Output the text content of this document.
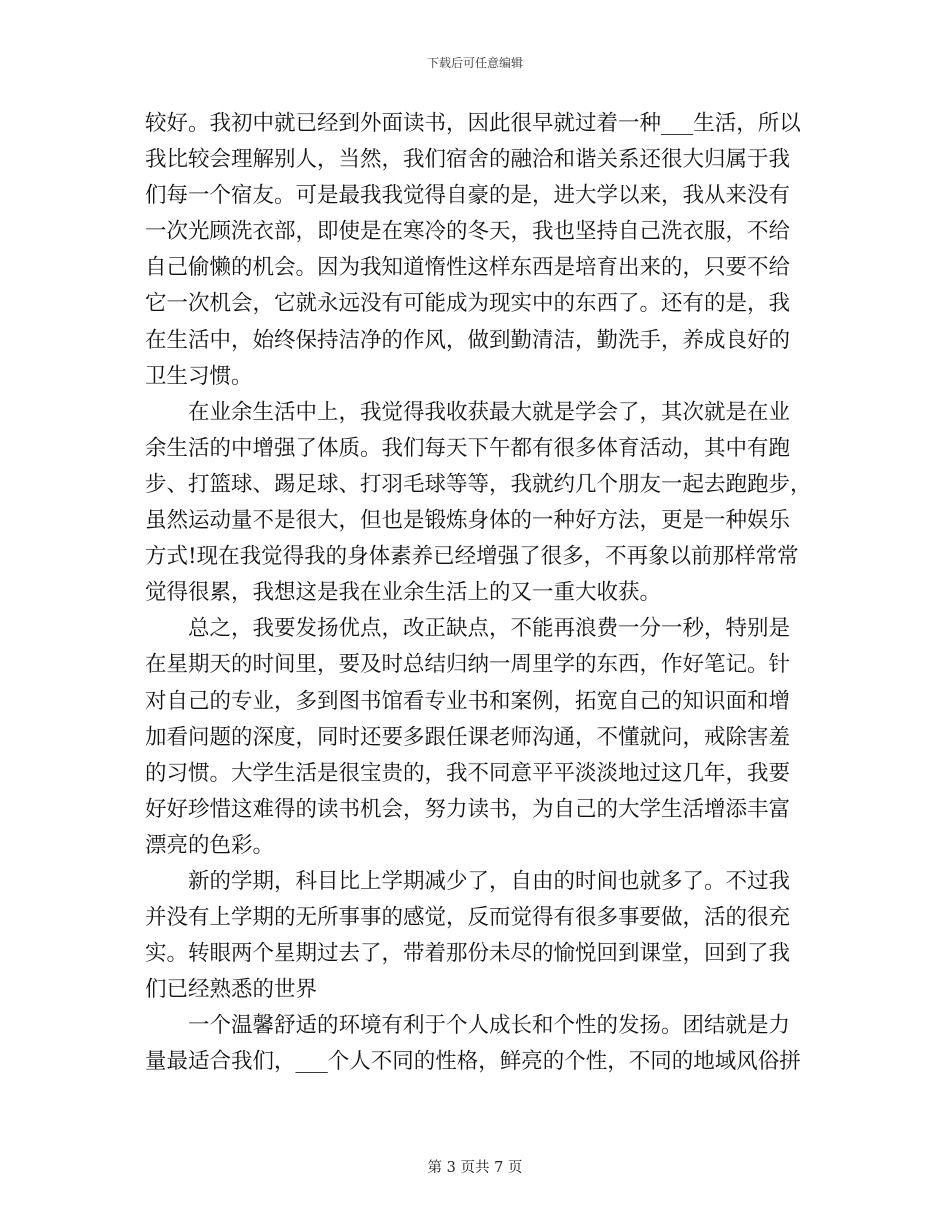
下载后可任意编辑
较好。我初中就已经到外面读书，因此很早就过着一种___生活，所以
我比较会理解别人，当然，我们宿舍的融洽和谐关系还很大归属于我
们每一个宿友。可是最我我觉得自豪的是，进大学以来，我从来没有
一次光顾洗衣部，即使是在寒冷的冬天，我也坚持自己洗衣服，不给
自己偷懒的机会。因为我知道惰性这样东西是培育出来的，只要不给
它一次机会，它就永远没有可能成为现实中的东西了。还有的是，我
在生活中，始终保持洁净的作风，做到勤清洁，勤洗手，养成良好的
卫生习惯。
在业余生活中上，我觉得我收获最大就是学会了，其次就是在业
余生活的中增强了体质。我们每天下午都有很多体育活动，其中有跑
步、打篮球、踢足球、打羽毛球等等，我就约几个朋友一起去跑跑步，
虽然运动量不是很大，但也是锻炼身体的一种好方法，更是一种娱乐
方式!现在我觉得我的身体素养已经增强了很多，不再象以前那样常常
觉得很累，我想这是我在业余生活上的又一重大收获。
总之，我要发扬优点，改正缺点，不能再浪费一分一秒，特别是
在星期天的时间里，要及时总结归纳一周里学的东西，作好笔记。针
对自己的专业，多到图书馆看专业书和案例，拓宽自己的知识面和增
加看问题的深度，同时还要多跟任课老师沟通，不懂就问，戒除害羞
的习惯。大学生活是很宝贵的，我不同意平平淡淡地过这几年，我要
好好珍惜这难得的读书机会，努力读书，为自己的大学生活增添丰富
漂亮的色彩。
新的学期，科目比上学期减少了，自由的时间也就多了。不过我
并没有上学期的无所事事的感觉，反而觉得有很多事要做，活的很充
实。转眼两个星期过去了，带着那份未尽的愉悦回到课堂，回到了我
们已经熟悉的世界
一个温馨舒适的环境有利于个人成长和个性的发扬。团结就是力
量最适合我们，___个人不同的性格，鲜亮的个性，不同的地域风俗拼
第 3 页共 7 页
